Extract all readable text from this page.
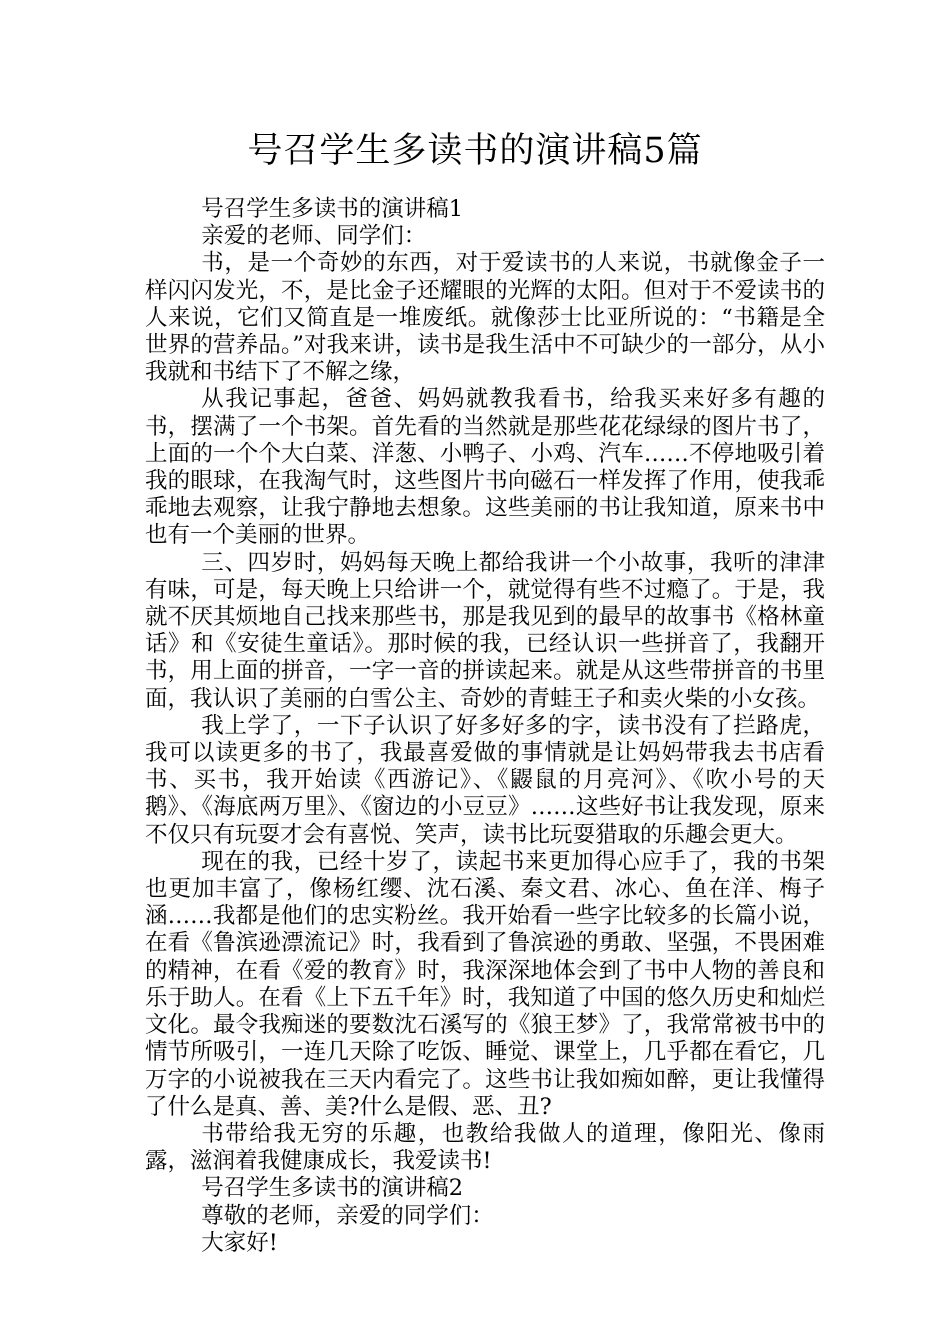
号召学生多读书的演讲稿5篇

号召学生多读书的演讲稿1

亲爱的老师、同学们：

书，是一个奇妙的东西，对于爱读书的人来说，书就像金子一样闪闪发光，不，是比金子还耀眼的光辉的太阳。但对于不爱读书的人来说，它们又简直是一堆废纸。就像莎士比亚所说的：“书籍是全世界的营养品。”对我来讲，读书是我生活中不可缺少的一部分，从小我就和书结下了不解之缘，

从我记事起，爸爸、妈妈就教我看书，给我买来好多有趣的书，摆满了一个书架。首先看的当然就是那些花花绿绿的图片书了，上面的一个个大白菜、洋葱、小鸭子、小鸡、汽车……不停地吸引着我的眼球，在我淘气时，这些图片书向磁石一样发挥了作用，使我乖乖地去观察，让我宁静地去想象。这些美丽的书让我知道，原来书中也有一个美丽的世界。

三、四岁时，妈妈每天晚上都给我讲一个小故事，我听的津津有味，可是，每天晚上只给讲一个，就觉得有些不过瘾了。于是，我就不厌其烦地自己找来那些书，那是我见到的最早的故事书《格林童话》和《安徒生童话》。那时候的我，已经认识一些拼音了，我翻开书，用上面的拼音，一字一音的拼读起来。就是从这些带拼音的书里面，我认识了美丽的白雪公主、奇妙的青蛙王子和卖火柴的小女孩。

我上学了，一下子认识了好多好多的字，读书没有了拦路虎，我可以读更多的书了，我最喜爱做的事情就是让妈妈带我去书店看书、买书，我开始读《西游记》、《鼹鼠的月亮河》、《吹小号的天鹅》、《海底两万里》、《窗边的小豆豆》……这些好书让我发现，原来不仅只有玩耍才会有喜悦、笑声，读书比玩耍猎取的乐趣会更大。

现在的我，已经十岁了，读起书来更加得心应手了，我的书架也更加丰富了，像杨红缨、沈石溪、秦文君、冰心、鱼在洋、梅子涵……我都是他们的忠实粉丝。我开始看一些字比较多的长篇小说，在看《鲁滨逊漂流记》时，我看到了鲁滨逊的勇敢、坚强，不畏困难的精神，在看《爱的教育》时，我深深地体会到了书中人物的善良和乐于助人。在看《上下五千年》时，我知道了中国的悠久历史和灿烂文化。最令我痴迷的要数沈石溪写的《狼王梦》了，我常常被书中的情节所吸引，一连几天除了吃饭、睡觉、课堂上，几乎都在看它，几万字的小说被我在三天内看完了。这些书让我如痴如醉，更让我懂得了什么是真、善、美?什么是假、恶、丑?

书带给我无穷的乐趣，也教给我做人的道理，像阳光、像雨露，滋润着我健康成长，我爱读书!

号召学生多读书的演讲稿2

尊敬的老师，亲爱的同学们：

大家好!
